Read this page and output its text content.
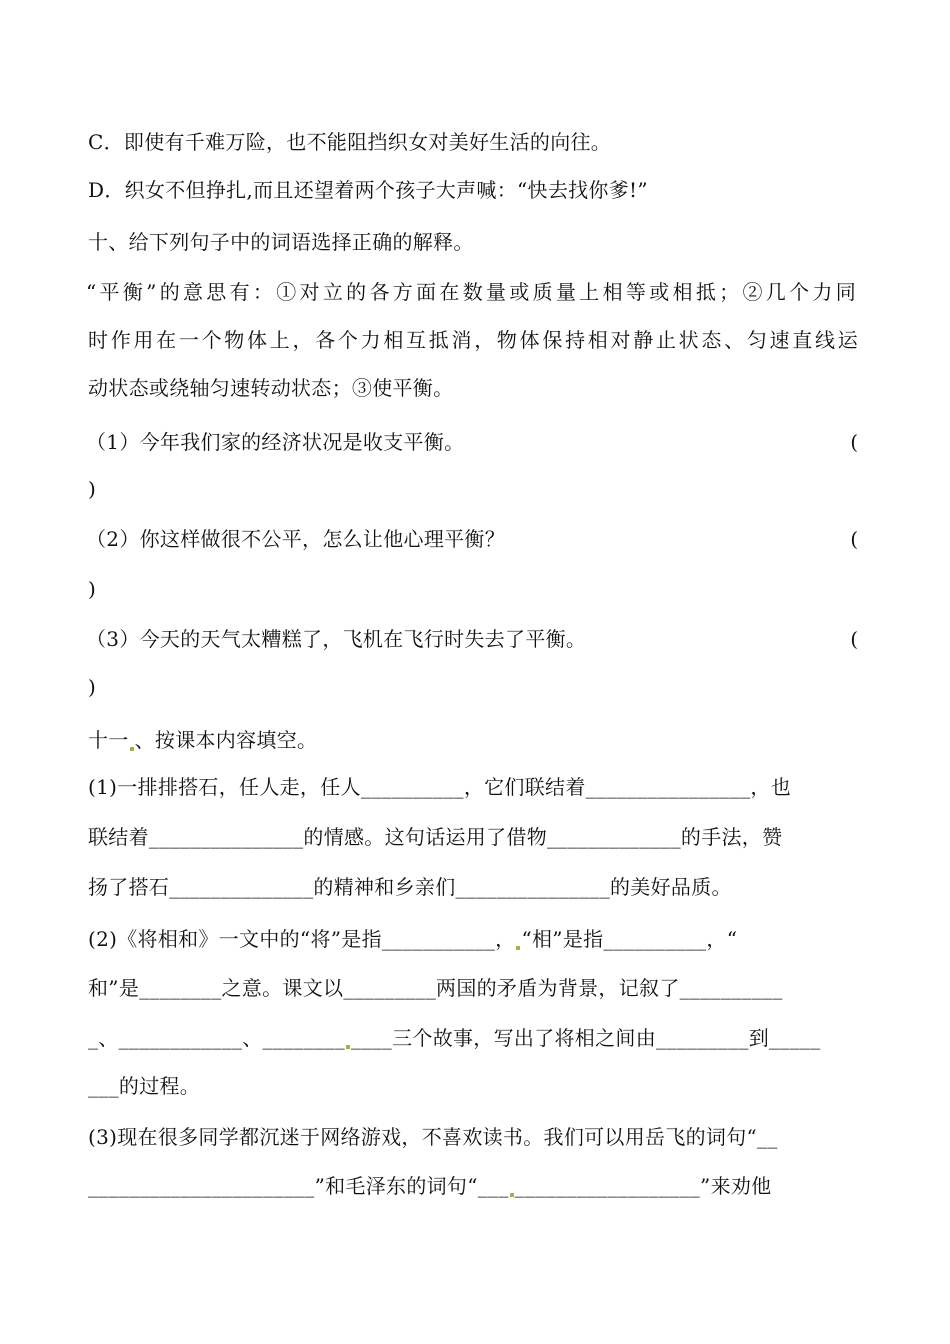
C．即使有千难万险，也不能阻挡织女对美好生活的向往。
D．织女不但挣扎,而且还望着两个孩子大声喊：“快去找你爹!”
十、给下列句子中的词语选择正确的解释。
“平衡”的意思有：①对立的各方面在数量或质量上相等或相抵；②几个力同
时作用在一个物体上，各个力相互抵消，物体保持相对静止状态、匀速直线运
动状态或绕轴匀速转动状态；③使平衡。
（1）今年我们家的经济状况是收支平衡。	(
)
（2）你这样做很不公平，怎么让他心理平衡？	(
)
（3）今天的天气太糟糕了，飞机在飞行时失去了平衡。	(
)
十一 、按课本内容填空。
(1)一排排搭石，任人走，任人__________，它们联结着________________，也
联结着_______________的情感。这句话运用了借物_____________的手法，赞
扬了搭石______________的精神和乡亲们_______________的美好品质。
(2)《将相和》一文中的“将”是指___________， “相”是指__________，“
和”是________之意。课文以_________两国的矛盾为背景，记叙了__________
_、____________、________ ____三个故事，写出了将相之间由_________到_____
___的过程。
(3)现在很多同学都沉迷于网络游戏，不喜欢读书。我们可以用岳飞的词句“__
______________________”和毛泽东的词句“___ __________________”来劝他
